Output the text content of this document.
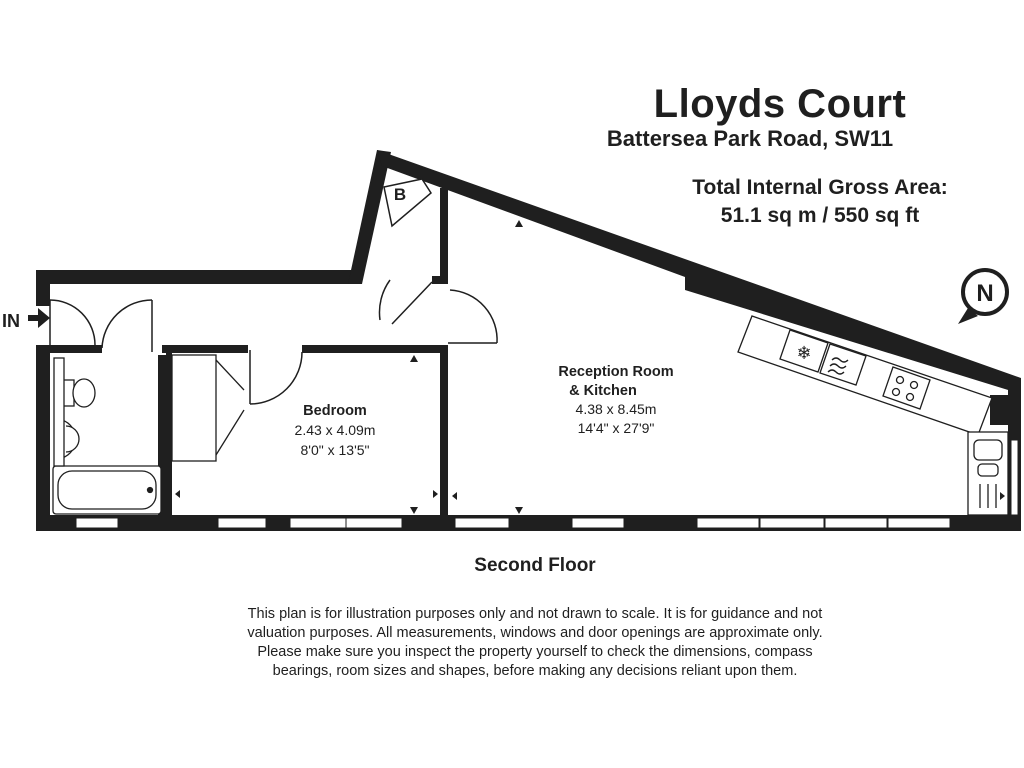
Lloyds Court
Battersea Park Road, SW11
Total Internal Gross Area:
51.1 sq m / 550 sq ft
B
❄
IN
N
Bedroom
2.43 x 4.09m
8'0" x 13'5"
Reception Room
& Kitchen
4.38 x 8.45m
14'4" x 27'9"
Second Floor
This plan is for illustration purposes only and not drawn to scale. It is for guidance and not
valuation purposes. All measurements, windows and door openings are approximate only.
Please make sure you inspect the property yourself to check the dimensions, compass
bearings, room sizes and shapes, before making any decisions reliant upon them.
